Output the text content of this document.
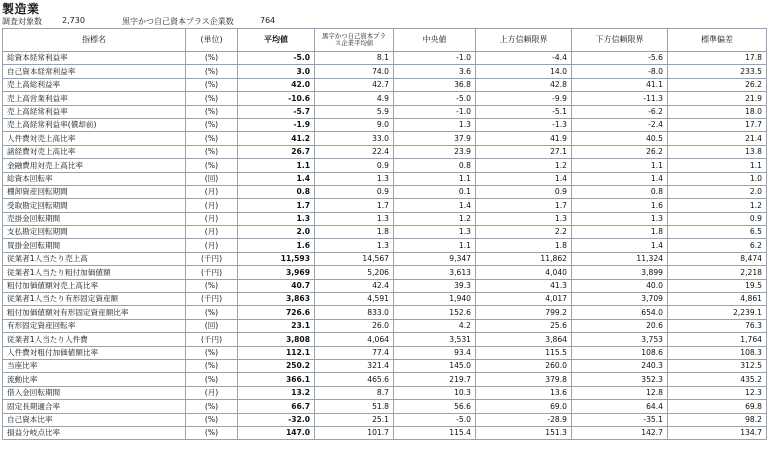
製造業
調査対象数	2,730	黒字かつ自己資本プラス企業数	764
指標名	(単位)	平均値	黒字かつ自己資本プラス企業平均値	中央値	上方信頼限界	下方信頼限界	標準偏差
総資本経常利益率	(%)	-5.0	8.1	-1.0	-4.4	-5.6	17.8
自己資本経常利益率	(%)	3.0	74.0	3.6	14.0	-8.0	233.5
売上高総利益率	(%)	42.0	42.7	36.8	42.8	41.1	26.2
売上高営業利益率	(%)	-10.6	4.9	-5.0	-9.9	-11.3	21.9
売上高経常利益率	(%)	-5.7	5.9	-1.0	-5.1	-6.2	18.0
売上高経常利益率(償却前)	(%)	-1.9	9.0	1.3	-1.3	-2.4	17.7
人件費対売上高比率	(%)	41.2	33.0	37.9	41.9	40.5	21.4
諸経費対売上高比率	(%)	26.7	22.4	23.9	27.1	26.2	13.8
金融費用対売上高比率	(%)	1.1	0.9	0.8	1.2	1.1	1.1
総資本回転率	(回)	1.4	1.3	1.1	1.4	1.4	1.0
棚卸資産回転期間	(月)	0.8	0.9	0.1	0.9	0.8	2.0
受取勘定回転期間	(月)	1.7	1.7	1.4	1.7	1.6	1.2
売掛金回転期間	(月)	1.3	1.3	1.2	1.3	1.3	0.9
支払勘定回転期間	(月)	2.0	1.8	1.3	2.2	1.8	6.5
買掛金回転期間	(月)	1.6	1.3	1.1	1.8	1.4	6.2
従業者1人当たり売上高	(千円)	11,593	14,567	9,347	11,862	11,324	8,474
従業者1人当たり粗付加価値額	(千円)	3,969	5,206	3,613	4,040	3,899	2,218
粗付加価値額対売上高比率	(%)	40.7	42.4	39.3	41.3	40.0	19.5
従業者1人当たり有形固定資産額	(千円)	3,863	4,591	1,940	4,017	3,709	4,861
粗付加価値額対有形固定資産額比率	(%)	726.6	833.0	152.6	799.2	654.0	2,239.1
有形固定資産回転率	(回)	23.1	26.0	4.2	25.6	20.6	76.3
従業者1人当たり人件費	(千円)	3,808	4,064	3,531	3,864	3,753	1,764
人件費対粗付加価値額比率	(%)	112.1	77.4	93.4	115.5	108.6	108.3
当座比率	(%)	250.2	321.4	145.0	260.0	240.3	312.5
流動比率	(%)	366.1	465.6	219.7	379.8	352.3	435.2
借入金回転期間	(月)	13.2	8.7	10.3	13.6	12.8	12.3
固定長期適合率	(%)	66.7	51.8	56.6	69.0	64.4	69.8
自己資本比率	(%)	-32.0	25.1	-5.0	-28.9	-35.1	98.2
損益分岐点比率	(%)	147.0	101.7	115.4	151.3	142.7	134.7
